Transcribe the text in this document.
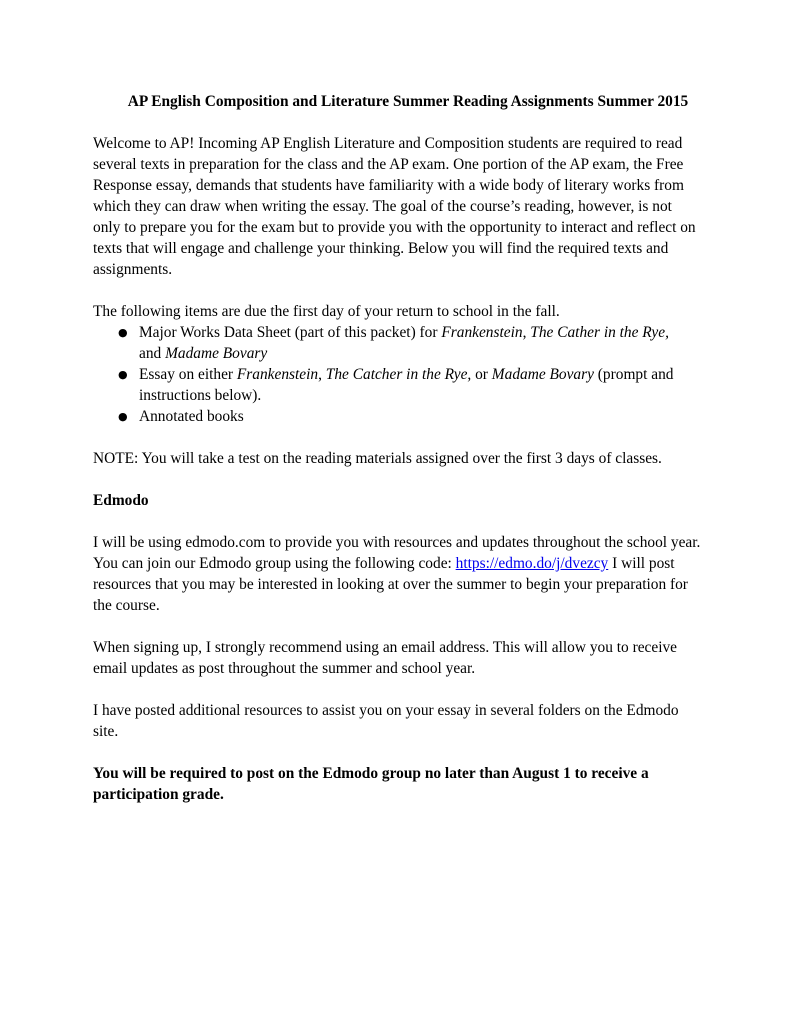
AP English Composition and Literature Summer Reading Assignments Summer 2015

Welcome to AP! Incoming AP English Literature and Composition students are required to read several texts in preparation for the class and the AP exam. One portion of the AP exam, the Free Response essay, demands that students have familiarity with a wide body of literary works from which they can draw when writing the essay. The goal of the course’s reading, however, is not only to prepare you for the exam but to provide you with the opportunity to interact and reflect on texts that will engage and challenge your thinking. Below you will find the required texts and assignments.

The following items are due the first day of your return to school in the fall.

● Major Works Data Sheet (part of this packet) for Frankenstein, The Cather in the Rye,
and Madame Bovary
● Essay on either Frankenstein, The Catcher in the Rye, or Madame Bovary (prompt and instructions below).
● Annotated books

NOTE: You will take a test on the reading materials assigned over the first 3 days of classes.

Edmodo

I will be using edmodo.com to provide you with resources and updates throughout the school year. You can join our Edmodo group using the following code: https://edmo.do/j/dvezcy I will post resources that you may be interested in looking at over the summer to begin your preparation for the course.

When signing up, I strongly recommend using an email address. This will allow you to receive email updates as post throughout the summer and school year.

I have posted additional resources to assist you on your essay in several folders on the Edmodo site.

You will be required to post on the Edmodo group no later than August 1 to receive a participation grade.
